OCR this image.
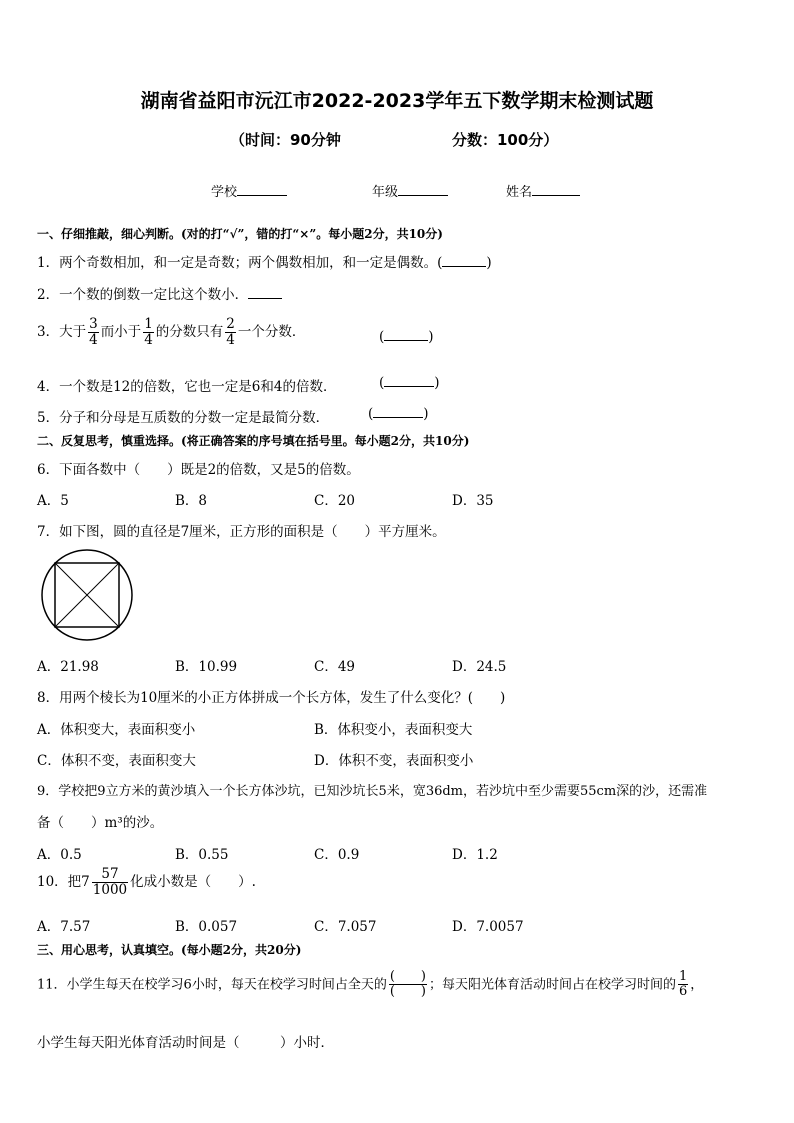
湖南省益阳市沅江市2022-2023学年五下数学期末检测试题
（时间：90分钟	分数：100分）
学校	年级	姓名
一、仔细推敲，细心判断。(对的打“√”，错的打“×”。每小题2分，共10分)
1．两个奇数相加，和一定是奇数；两个偶数相加，和一定是偶数。(	)
2．一个数的倒数一定比这个数小．
3．大于 $\frac{3}{4}$ 而小于 $\frac{1}{4}$ 的分数只有 $\frac{2}{4}$ 一个分数．	(	)
4．一个数是12的倍数，它也一定是6和4的倍数．	(	)
5．分子和分母是互质数的分数一定是最简分数．	(	)
二、反复思考，慎重选择。(将正确答案的序号填在括号里。每小题2分，共10分)
6．下面各数中（　　）既是2的倍数，又是5的倍数。
A．5	B．8	C．20	D．35
7．如下图，圆的直径是7厘米，正方形的面积是（　　）平方厘米。
A．21.98	B．10.99	C．49	D．24.5
8．用两个棱长为10厘米的小正方体拼成一个长方体，发生了什么变化？(　　)
A．体积变大，表面积变小	B．体积变小，表面积变大
C．体积不变，表面积变大	D．体积不变，表面积变小
9．学校把9立方米的黄沙填入一个长方体沙坑，已知沙坑长5米，宽36dm，若沙坑中至少需要55cm深的沙，还需准
备（　　）m³的沙。
A．0.5	B．0.55	C．0.9	D．1.2
10．把$7 \frac{57}{1000}$ 化成小数是（　　）.
A．7.57	B．0.057	C．7.057	D．7.0057
三、用心思考，认真填空。(每小题2分，共20分)
11．小学生每天在校学习6小时，每天在校学习时间占全天的 $\frac{( )}{( )}$ ；每天阳光体育活动时间占在校学习时间的 $\frac{1}{6}$ ，
小学生每天阳光体育活动时间是（　　　）小时．
